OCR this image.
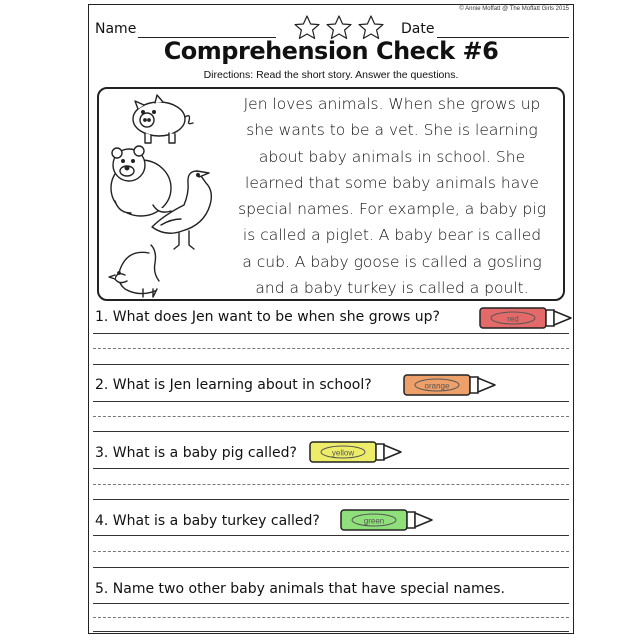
© Annie Moffatt @ The Moffatt Girls 2015
Name	Date
Comprehension Check #6
Directions: Read the short story. Answer the questions.
Jen loves animals. When she grows up
she wants to be a vet. She is learning
about baby animals in school. She
learned that some baby animals have
special names. For example, a baby pig
is called a piglet. A baby bear is called
a cub. A baby goose is called a gosling
and a baby turkey is called a poult.
1. What does Jen want to be when she grows up?	red
2. What is Jen learning about in school?	orange
3. What is a baby pig called?	yellow
4. What is a baby turkey called?	green
5. Name two other baby animals that have special names.
